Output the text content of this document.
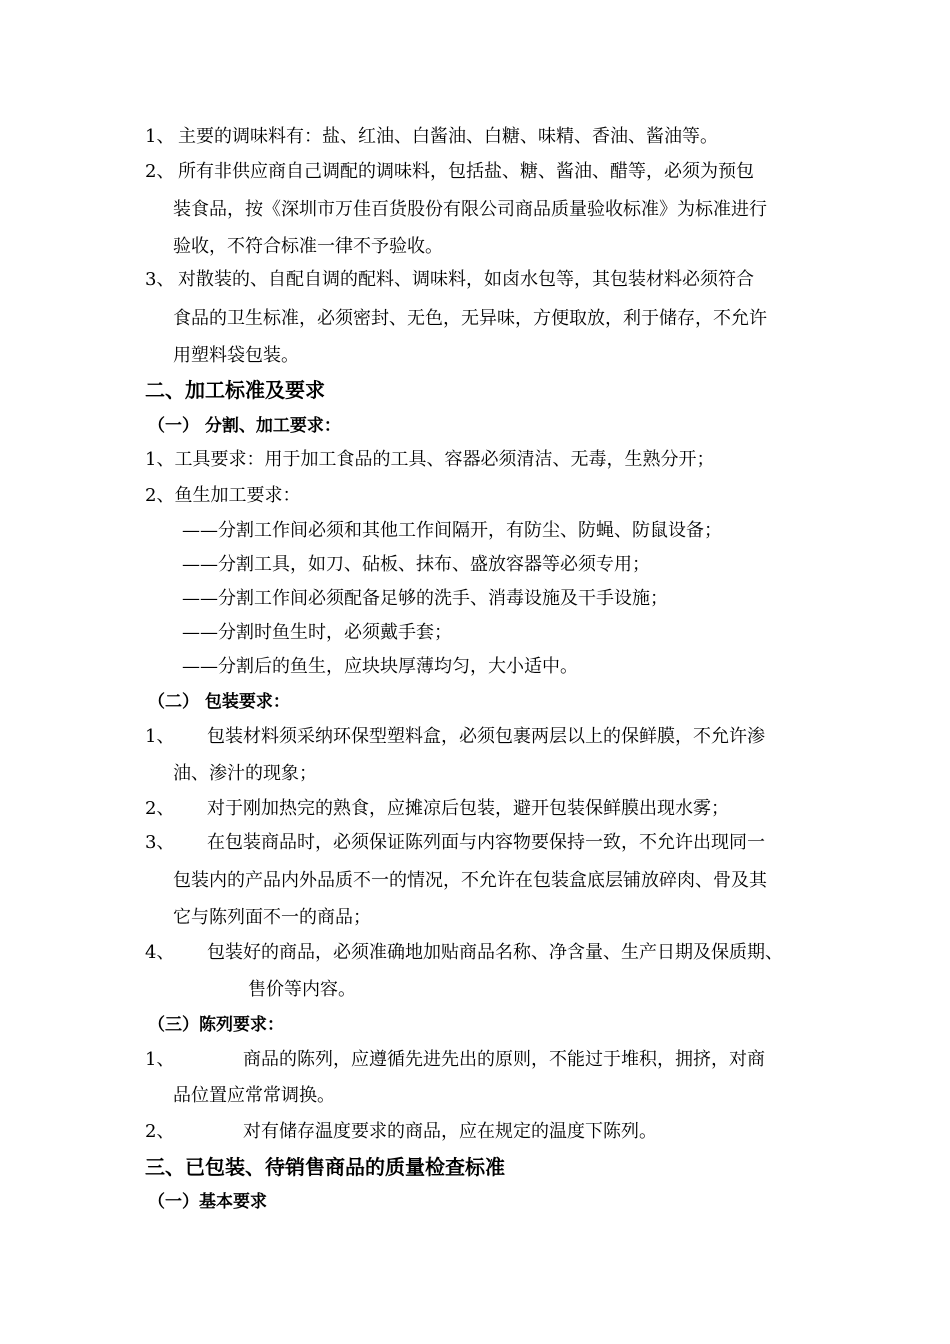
1、 主要的调味料有：盐、红油、白酱油、白糖、味精、香油、酱油等。
2、 所有非供应商自己调配的调味料，包括盐、糖、酱油、醋等，必须为预包
装食品，按《深圳市万佳百货股份有限公司商品质量验收标准》为标准进行
验收，不符合标准一律不予验收。
3、 对散装的、自配自调的配料、调味料，如卤水包等，其包装材料必须符合
食品的卫生标准，必须密封、无色，无异味，方便取放，利于储存，不允许
用塑料袋包装。
二、加工标准及要求
（一） 分割、加工要求：
1、工具要求：用于加工食品的工具、容器必须清洁、无毒，生熟分开；
2、鱼生加工要求：
——分割工作间必须和其他工作间隔开，有防尘、防蝇、防鼠设备；
——分割工具，如刀、砧板、抹布、盛放容器等必须专用；
——分割工作间必须配备足够的洗手、消毒设施及干手设施；
——分割时鱼生时，必须戴手套；
——分割后的鱼生，应块块厚薄均匀，大小适中。
（二） 包装要求：
1、 包装材料须采纳环保型塑料盒，必须包裹两层以上的保鲜膜，不允许渗
油、渗汁的现象；
2、 对于刚加热完的熟食，应摊凉后包装，避开包装保鲜膜出现水雾；
3、 在包装商品时，必须保证陈列面与内容物要保持一致，不允许出现同一
包装内的产品内外品质不一的情况，不允许在包装盒底层铺放碎肉、骨及其
它与陈列面不一的商品；
4、 包装好的商品，必须准确地加贴商品名称、净含量、生产日期及保质期、
售价等内容。
（三）陈列要求：
1、	商品的陈列，应遵循先进先出的原则，不能过于堆积，拥挤，对商
品位置应常常调换。
2、	对有储存温度要求的商品，应在规定的温度下陈列。
三、已包装、待销售商品的质量检查标准
（一）基本要求
